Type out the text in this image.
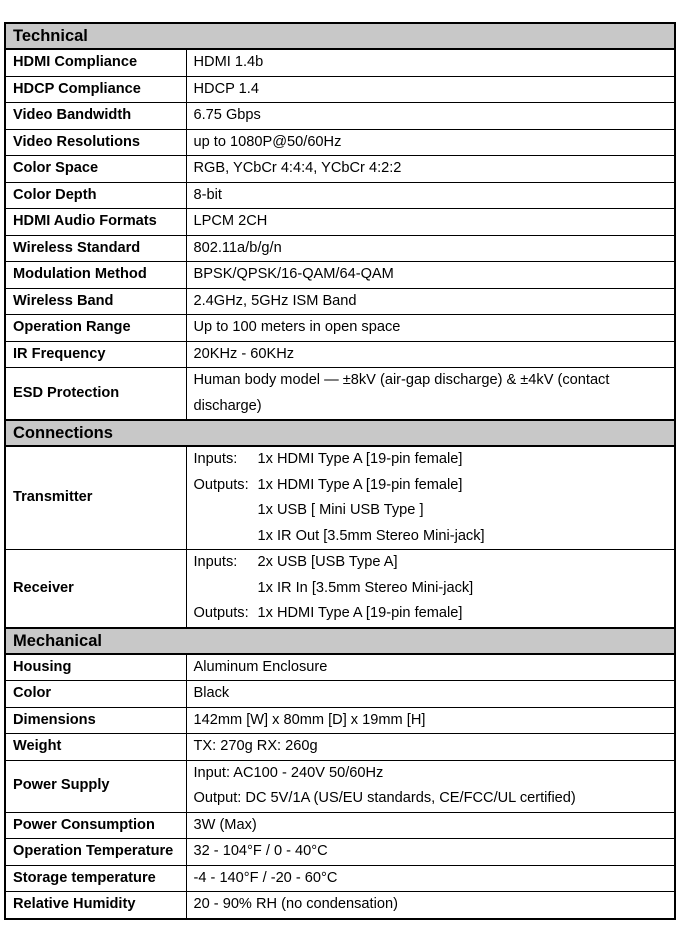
Technical	
HDMI Compliance	HDMI 1.4b
HDCP Compliance	HDCP 1.4
Video Bandwidth	6.75 Gbps
Video Resolutions	up to 1080P@50/60Hz
Color Space	RGB, YCbCr 4:4:4, YCbCr 4:2:2
Color Depth	8-bit
HDMI Audio Formats	LPCM 2CH
Wireless Standard	802.11a/b/g/n
Modulation Method	BPSK/QPSK/16-QAM/64-QAM
Wireless Band	2.4GHz, 5GHz ISM Band
Operation Range	Up to 100 meters in open space
IR Frequency	20KHz - 60KHz
ESD Protection	Human body model — ±8kV (air-gap discharge) & ±4kV (contact discharge)
Connections	
Transmitter	Inputs: 1x HDMI Type A [19-pin female]
Outputs: 1x HDMI Type A [19-pin female]
1x USB [ Mini USB Type ]
1x IR Out [3.5mm Stereo Mini-jack]

Receiver	Inputs: 2x USB [USB Type A]
1x IR In [3.5mm Stereo Mini-jack]
Outputs: 1x HDMI Type A [19-pin female]

Mechanical	
Housing	Aluminum Enclosure
Color	Black
Dimensions	142mm [W] x 80mm [D] x 19mm [H]
Weight	TX: 270g RX: 260g
Power Supply	Input: AC100 - 240V 50/60Hz
Output: DC 5V/1A (US/EU standards, CE/FCC/UL certified)

Power Consumption	3W (Max)
Operation Temperature	32 - 104°F / 0 - 40°C
Storage temperature	-4 - 140°F / -20 - 60°C
Relative Humidity	20 - 90% RH (no condensation)
